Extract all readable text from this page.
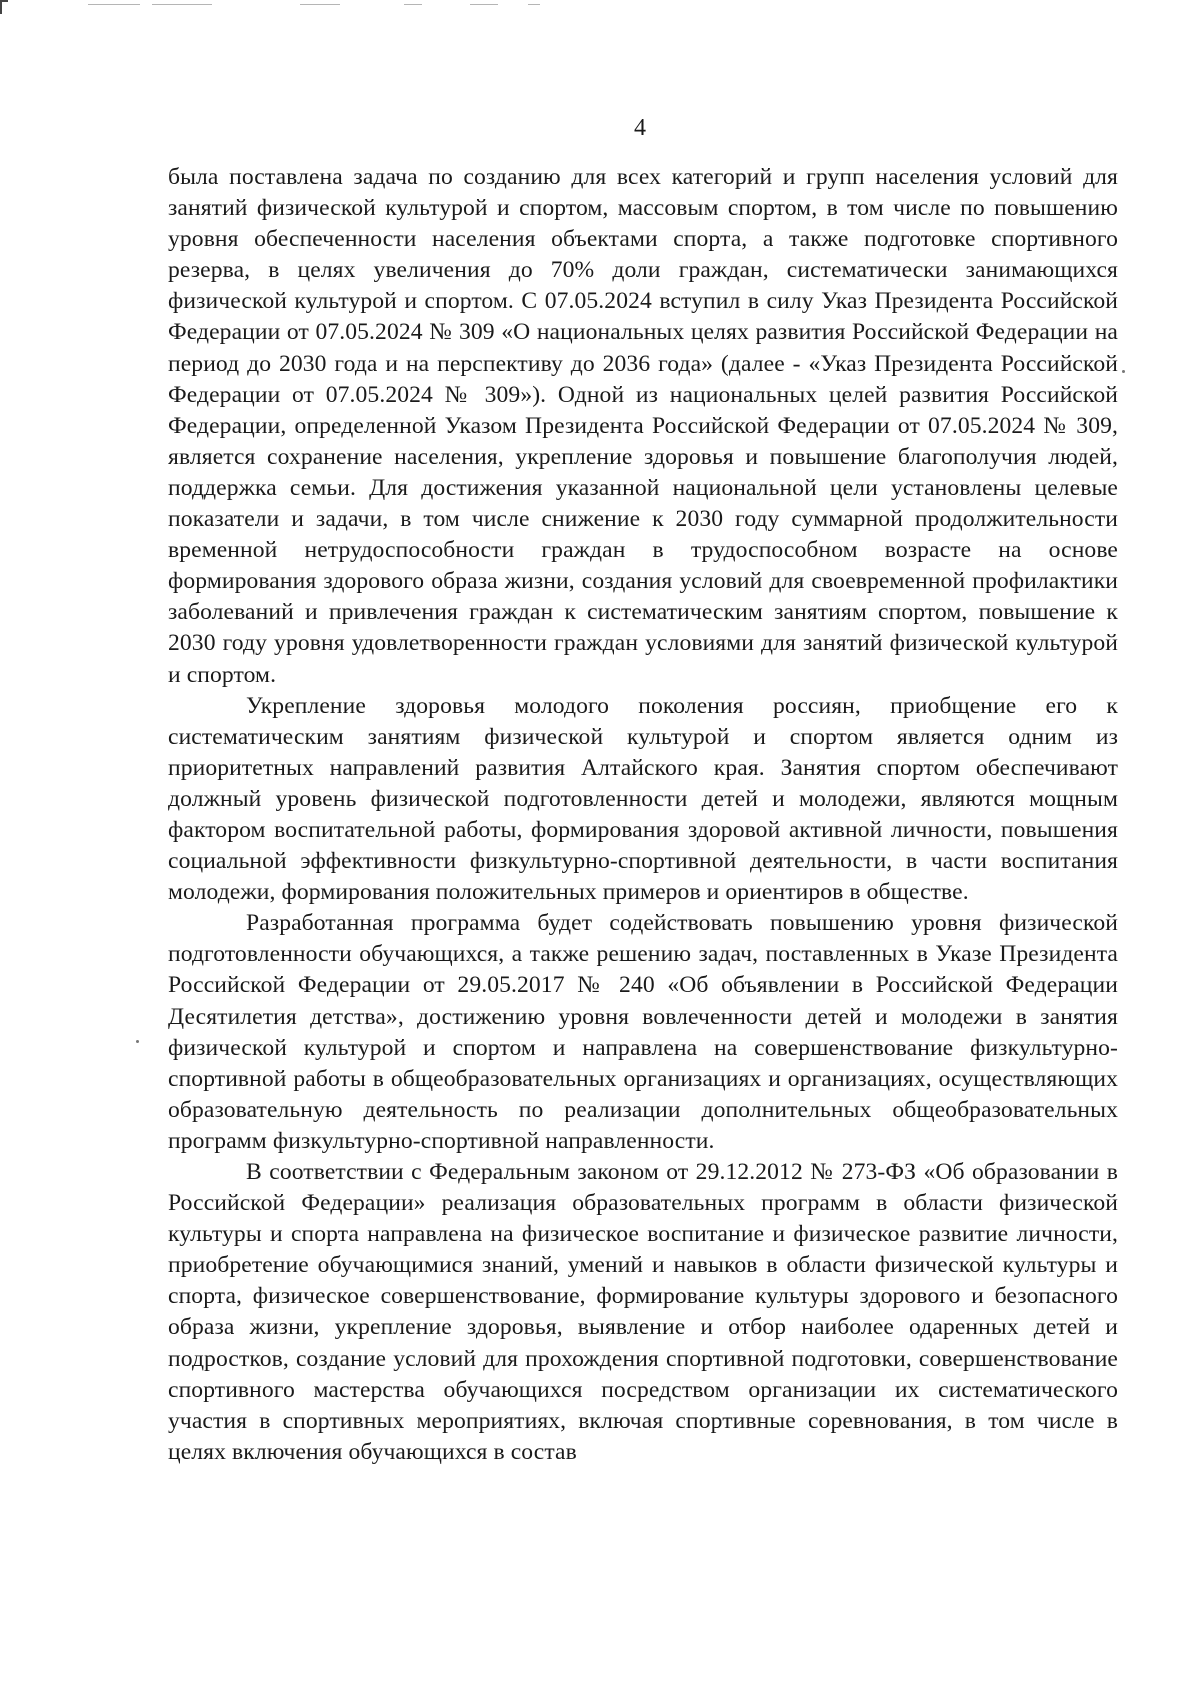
4

была поставлена задача по созданию для всех категорий и групп населения условий для занятий физической культурой и спортом, массовым спортом, в том числе по повышению уровня обеспеченности населения объектами спорта, а также подготовке спортивного резерва, в целях увеличения до 70% доли граждан, систематически занимающихся физической культурой и спортом. С 07.05.2024 вступил в силу Указ Президента Российской Федерации от 07.05.2024 № 309 «О национальных целях развития Российской Федерации на период до 2030 года и на перспективу до 2036 года» (далее - «Указ Президента Российской Федерации от 07.05.2024 № 309»). Одной из национальных целей развития Российской Федерации, определенной Указом Президента Российской Федерации от 07.05.2024 № 309, является сохранение населения, укрепление здоровья и повышение благополучия людей, поддержка семьи. Для достижения указанной национальной цели установлены целевые показатели и задачи, в том числе снижение к 2030 году суммарной продолжительности временной нетрудоспособности граждан в трудоспособном возрасте на основе формирования здорового образа жизни, создания условий для своевременной профилактики заболеваний и привлечения граждан к систематическим занятиям спортом, повышение к 2030 году уровня удовлетворенности граждан условиями для занятий физической культурой и спортом.

Укрепление здоровья молодого поколения россиян, приобщение его к систематическим занятиям физической культурой и спортом является одним из приоритетных направлений развития Алтайского края. Занятия спортом обеспечивают должный уровень физической подготовленности детей и молодежи, являются мощным фактором воспитательной работы, формирования здоровой активной личности, повышения социальной эффективности физкультурно-спортивной деятельности, в части воспитания молодежи, формирования положительных примеров и ориентиров в обществе.

Разработанная программа будет содействовать повышению уровня физической подготовленности обучающихся, а также решению задач, поставленных в Указе Президента Российской Федерации от 29.05.2017 № 240 «Об объявлении в Российской Федерации Десятилетия детства», достижению уровня вовлеченности детей и молодежи в занятия физической культурой и спортом и направлена на совершенствование физкультурно-спортивной работы в общеобразовательных организациях и организациях, осуществляющих образовательную деятельность по реализации дополнительных общеобразовательных программ физкультурно-спортивной направленности.

В соответствии с Федеральным законом от 29.12.2012 № 273-ФЗ «Об образовании в Российской Федерации» реализация образовательных программ в области физической культуры и спорта направлена на физическое воспитание и физическое развитие личности, приобретение обучающимися знаний, умений и навыков в области физической культуры и спорта, физическое совершенствование, формирование культуры здорового и безопасного образа жизни, укрепление здоровья, выявление и отбор наиболее одаренных детей и подростков, создание условий для прохождения спортивной подготовки, совершенствование спортивного мастерства обучающихся посредством организации их систематического участия в спортивных мероприятиях, включая спортивные соревнования, в том числе в целях включения обучающихся в состав
